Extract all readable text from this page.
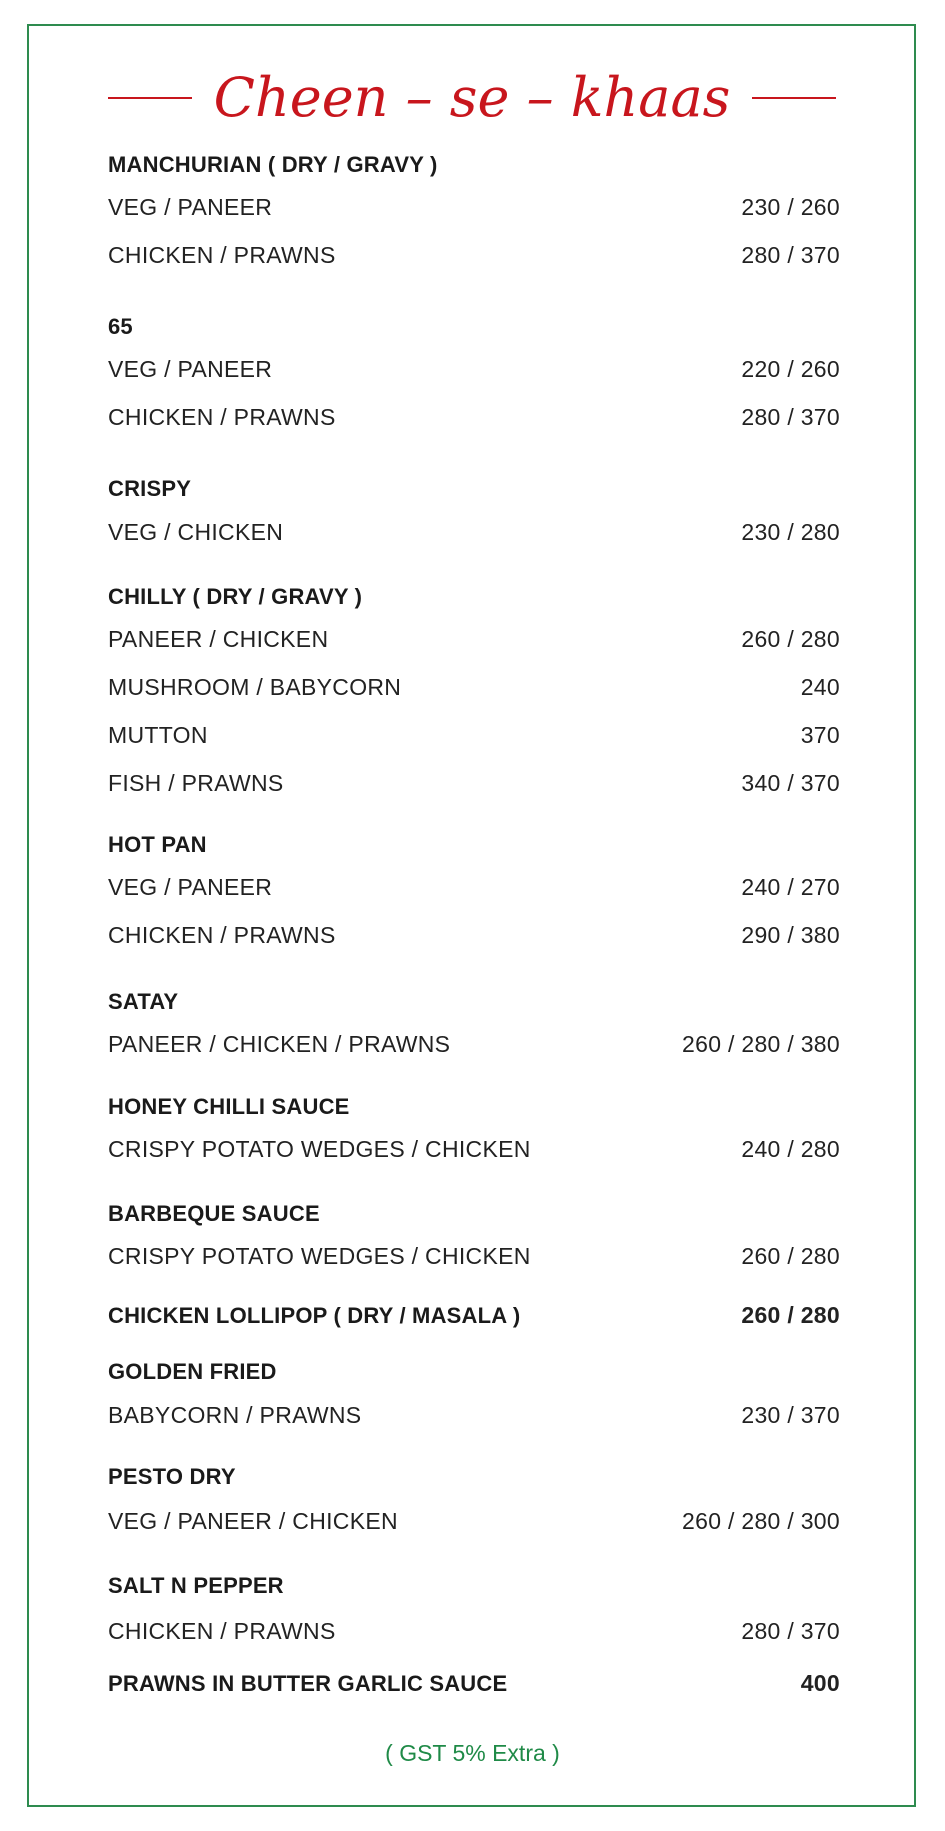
Cheen – se – khaas
MANCHURIAN ( DRY / GRAVY )
VEG / PANEER	230 / 260
CHICKEN / PRAWNS	280 / 370
65
VEG / PANEER	220 / 260
CHICKEN / PRAWNS	280 / 370
CRISPY
VEG / CHICKEN	230 / 280
CHILLY ( DRY / GRAVY )
PANEER / CHICKEN	260 / 280
MUSHROOM / BABYCORN	240
MUTTON	370
FISH / PRAWNS	340 / 370
HOT PAN
VEG / PANEER	240 / 270
CHICKEN / PRAWNS	290 / 380
SATAY
PANEER / CHICKEN / PRAWNS	260 / 280 / 380
HONEY CHILLI SAUCE
CRISPY POTATO WEDGES / CHICKEN	240 / 280
BARBEQUE SAUCE
CRISPY POTATO WEDGES / CHICKEN	260 / 280
CHICKEN LOLLIPOP ( DRY / MASALA )	260 / 280
GOLDEN FRIED
BABYCORN / PRAWNS	230 / 370
PESTO DRY
VEG / PANEER / CHICKEN	260 / 280 / 300
SALT N PEPPER
CHICKEN / PRAWNS	280 / 370
PRAWNS IN BUTTER GARLIC SAUCE	400
( GST 5% Extra )
